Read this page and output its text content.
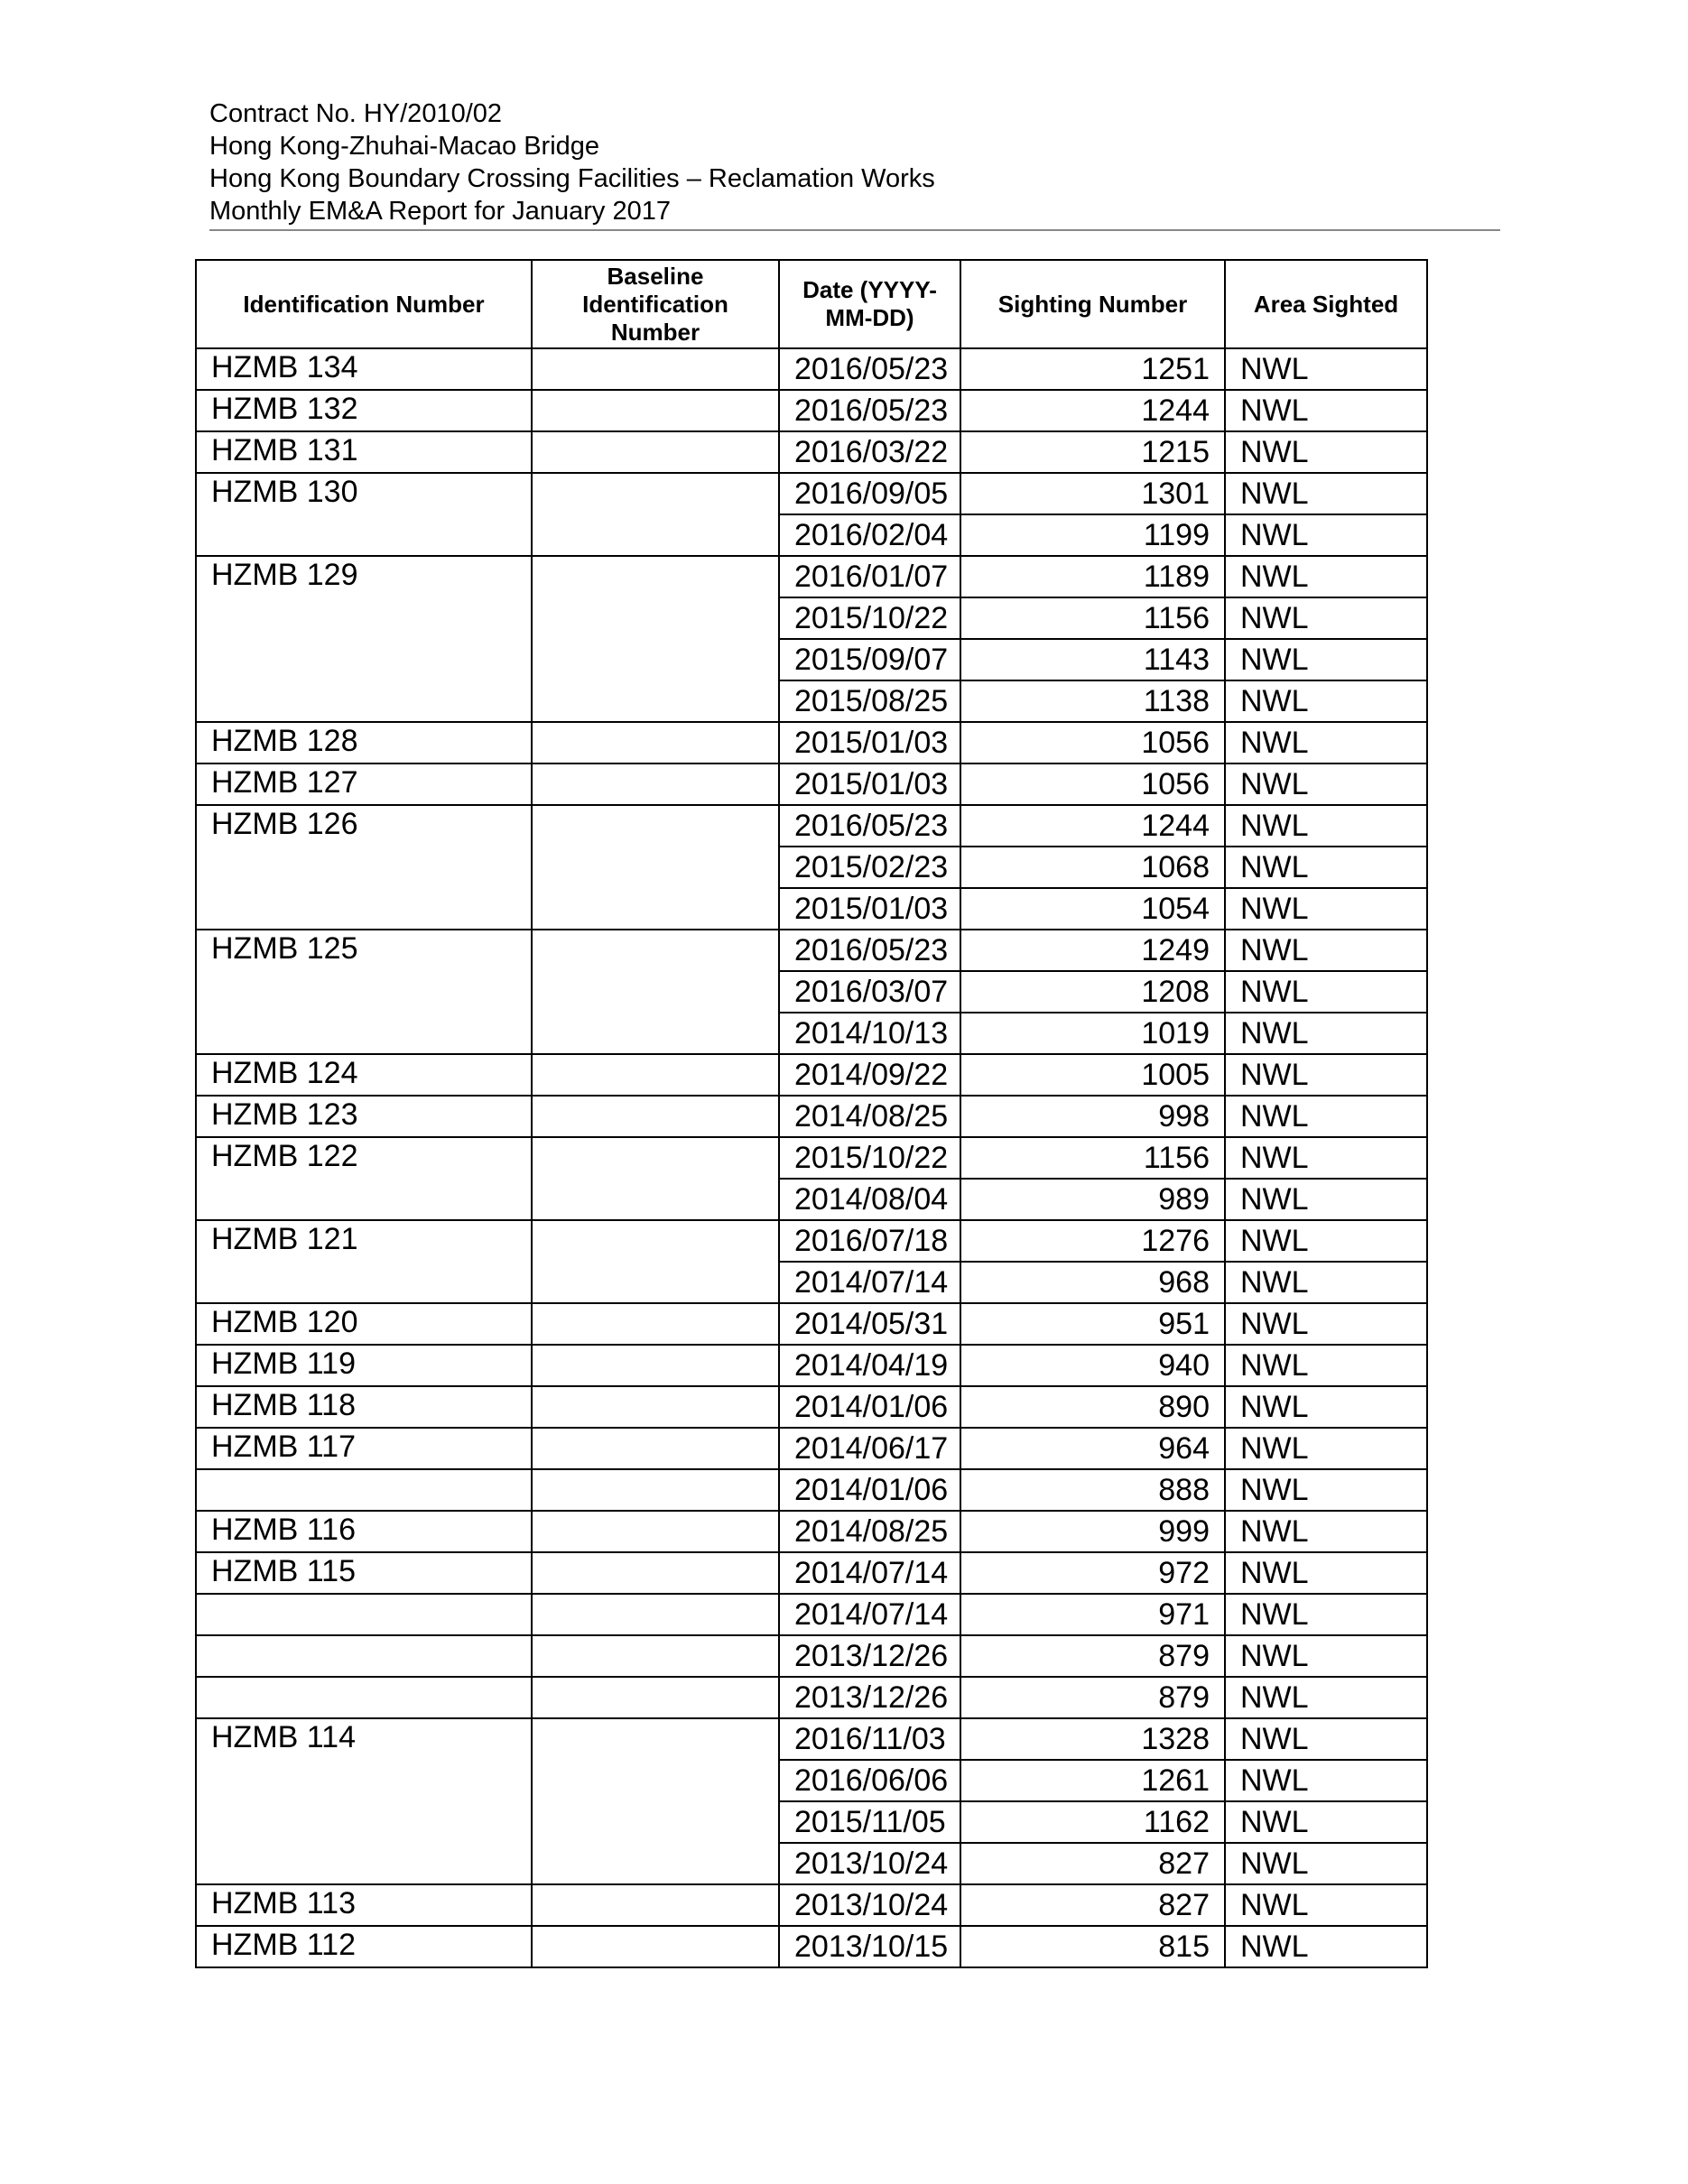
Contract No. HY/2010/02
Hong Kong-Zhuhai-Macao Bridge
Hong Kong Boundary Crossing Facilities – Reclamation Works
Monthly EM&A Report for January 2017
Identification Number	Baseline Identification Number	Date (YYYY-MM-DD)	Sighting Number	Area Sighted
HZMB 134		2016/05/23	1251	NWL
HZMB 132		2016/05/23	1244	NWL
HZMB 131		2016/03/22	1215	NWL
HZMB 130		2016/09/05	1301	NWL
		2016/02/04	1199	NWL
HZMB 129		2016/01/07	1189	NWL
		2015/10/22	1156	NWL
		2015/09/07	1143	NWL
		2015/08/25	1138	NWL
HZMB 128		2015/01/03	1056	NWL
HZMB 127		2015/01/03	1056	NWL
HZMB 126		2016/05/23	1244	NWL
		2015/02/23	1068	NWL
		2015/01/03	1054	NWL
HZMB 125		2016/05/23	1249	NWL
		2016/03/07	1208	NWL
		2014/10/13	1019	NWL
HZMB 124		2014/09/22	1005	NWL
HZMB 123		2014/08/25	998	NWL
HZMB 122		2015/10/22	1156	NWL
		2014/08/04	989	NWL
HZMB 121		2016/07/18	1276	NWL
		2014/07/14	968	NWL
HZMB 120		2014/05/31	951	NWL
HZMB 119		2014/04/19	940	NWL
HZMB 118		2014/01/06	890	NWL
HZMB 117		2014/06/17	964	NWL
		2014/01/06	888	NWL
HZMB 116		2014/08/25	999	NWL
HZMB 115		2014/07/14	972	NWL
		2014/07/14	971	NWL
		2013/12/26	879	NWL
		2013/12/26	879	NWL
HZMB 114		2016/11/03	1328	NWL
		2016/06/06	1261	NWL
		2015/11/05	1162	NWL
		2013/10/24	827	NWL
HZMB 113		2013/10/24	827	NWL
HZMB 112		2013/10/15	815	NWL
